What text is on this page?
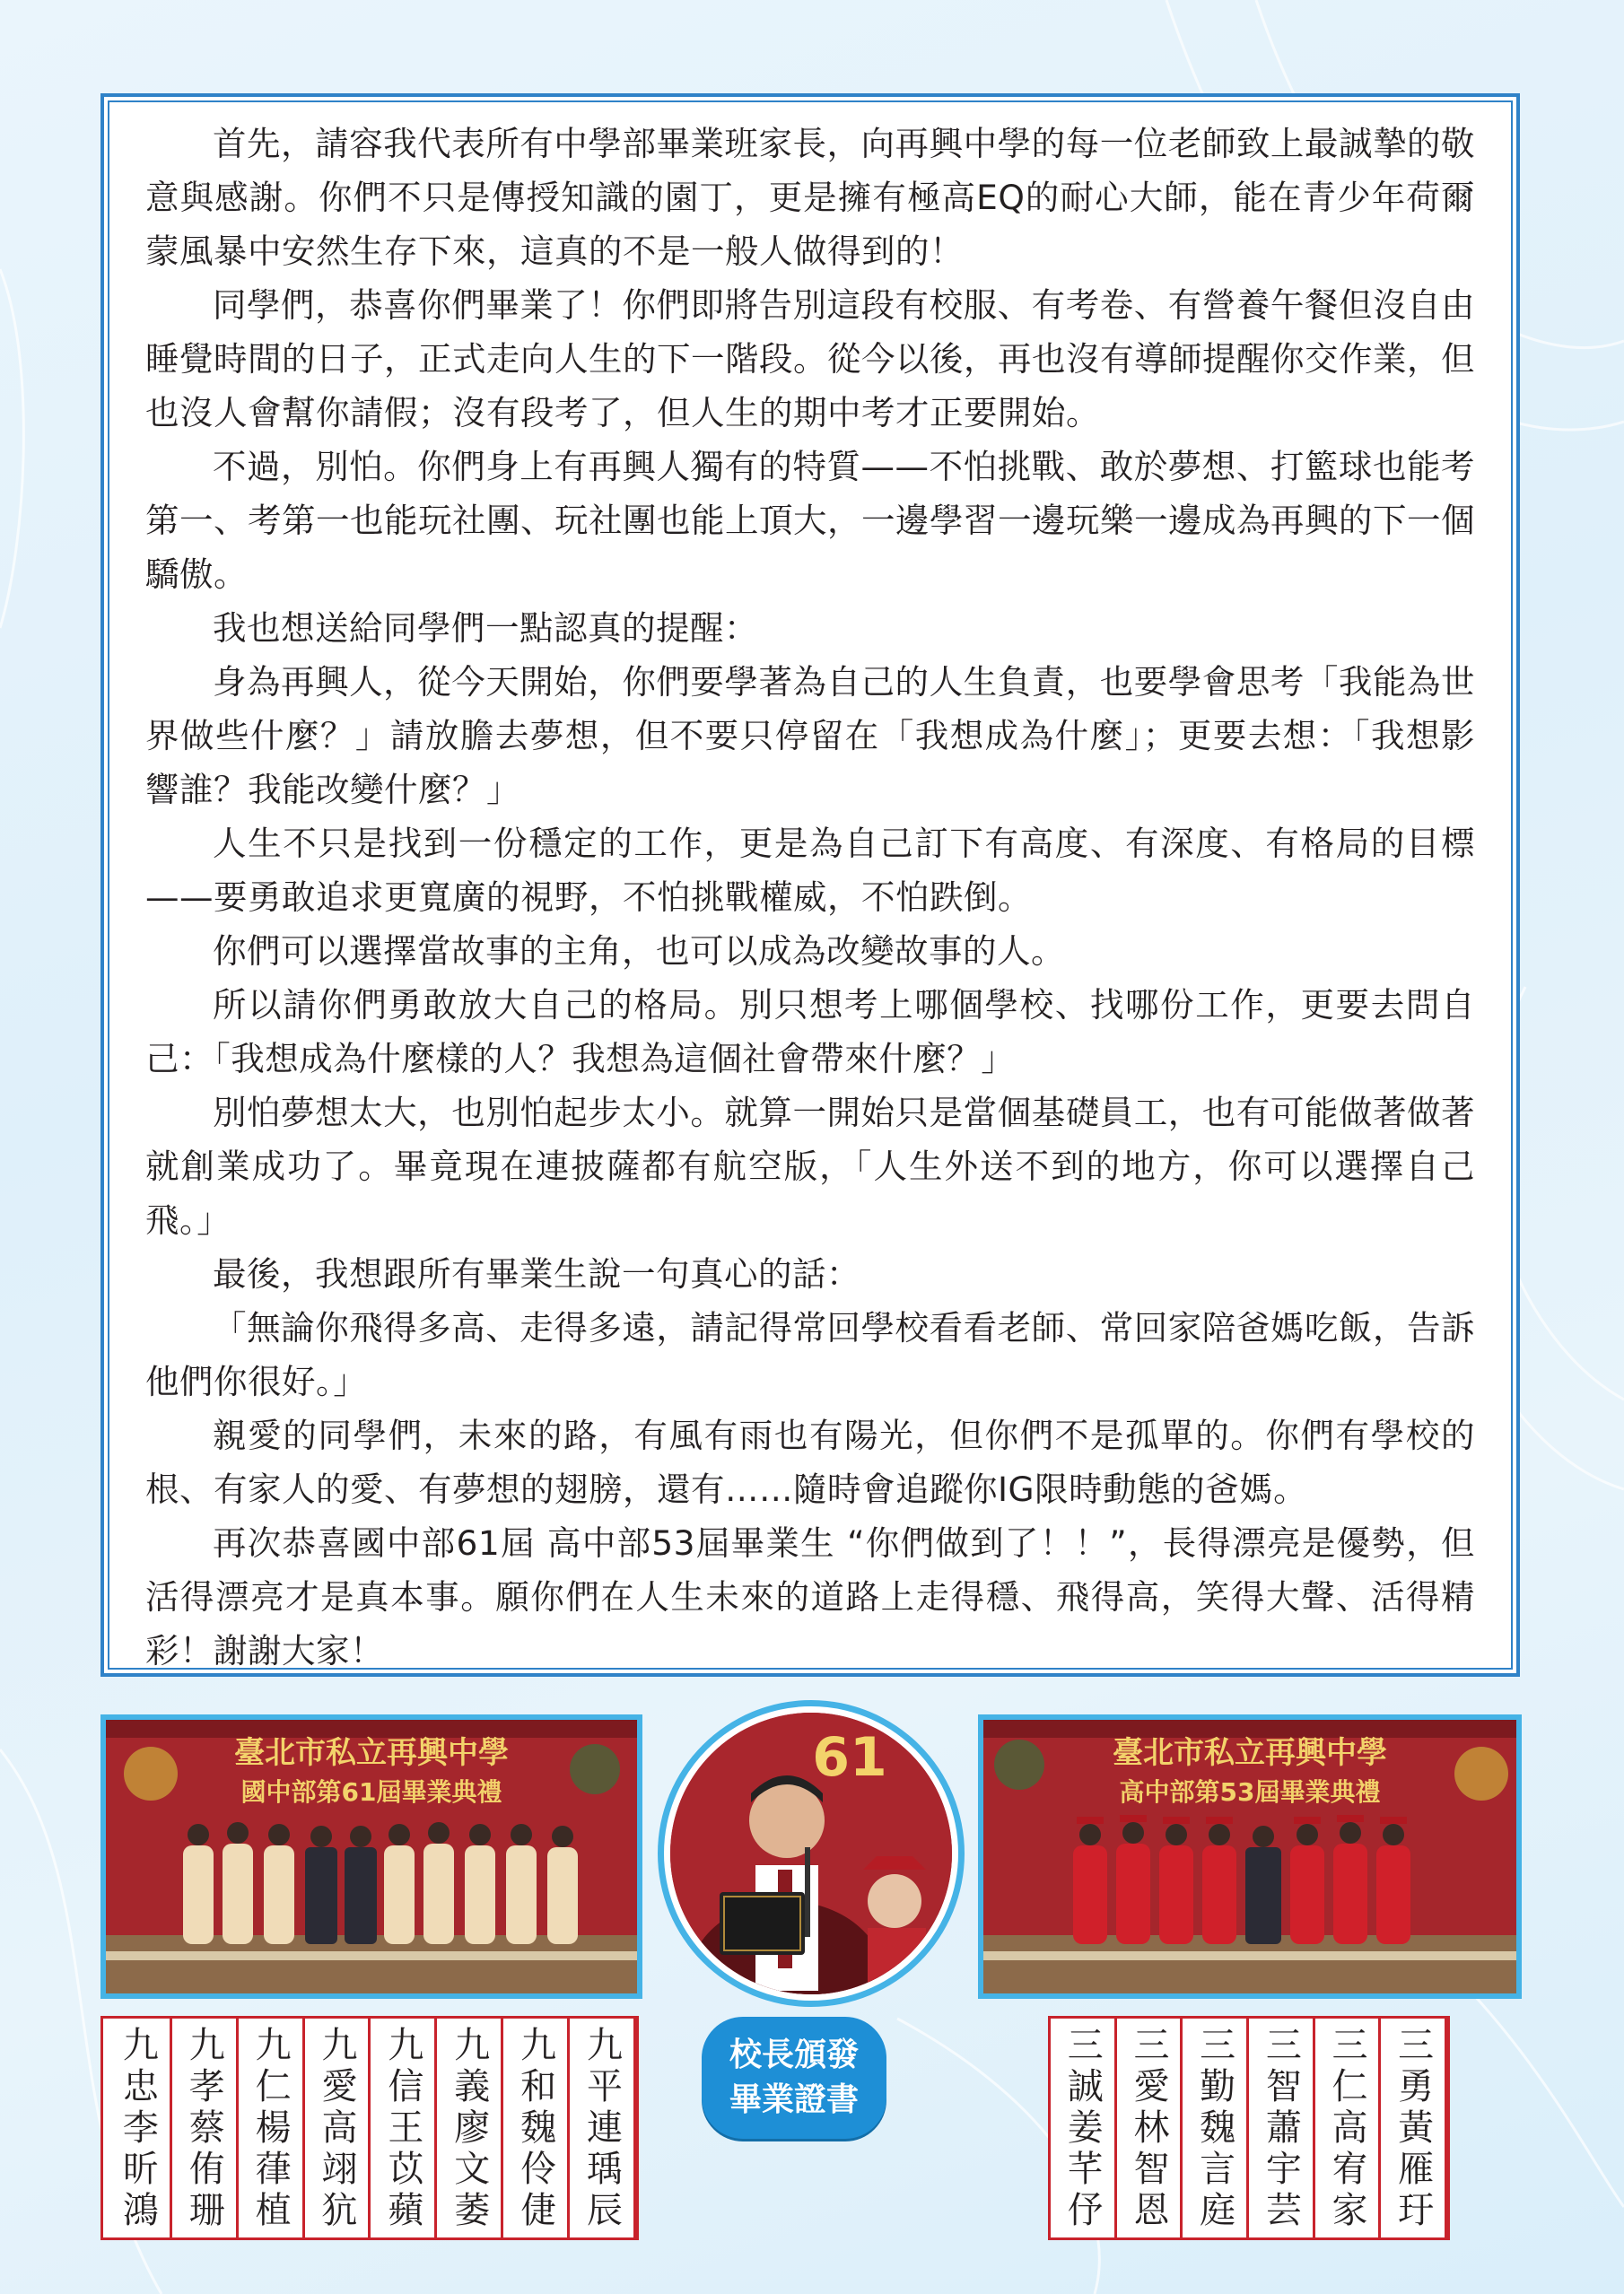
首先，請容我代表所有中學部畢業班家長，向再興中學的每一位老師致上最誠摯的敬意與感謝。你們不只是傳授知識的園丁，更是擁有極高EQ的耐心大師，能在青少年荷爾蒙風暴中安然生存下來，這真的不是一般人做得到的！

同學們，恭喜你們畢業了！你們即將告別這段有校服、有考卷、有營養午餐但沒自由睡覺時間的日子，正式走向人生的下一階段。從今以後，再也沒有導師提醒你交作業，但也沒人會幫你請假；沒有段考了，但人生的期中考才正要開始。

不過，別怕。你們身上有再興人獨有的特質——不怕挑戰、敢於夢想、打籃球也能考第一、考第一也能玩社團、玩社團也能上頂大，一邊學習一邊玩樂一邊成為再興的下一個驕傲。

我也想送給同學們一點認真的提醒：

身為再興人，從今天開始，你們要學著為自己的人生負責，也要學會思考「我能為世界做些什麼？」請放膽去夢想，但不要只停留在「我想成為什麼」；更要去想：「我想影響誰？我能改變什麼？」

人生不只是找到一份穩定的工作，更是為自己訂下有高度、有深度、有格局的目標——要勇敢追求更寬廣的視野，不怕挑戰權威，不怕跌倒。

你們可以選擇當故事的主角，也可以成為改變故事的人。

所以請你們勇敢放大自己的格局。別只想考上哪個學校、找哪份工作，更要去問自己：「我想成為什麼樣的人？我想為這個社會帶來什麼？」

別怕夢想太大，也別怕起步太小。就算一開始只是當個基礎員工，也有可能做著做著就創業成功了。畢竟現在連披薩都有航空版，「人生外送不到的地方，你可以選擇自己飛。」

最後，我想跟所有畢業生說一句真心的話：

「無論你飛得多高、走得多遠，請記得常回學校看看老師、常回家陪爸媽吃飯，告訴他們你很好。」

親愛的同學們，未來的路，有風有雨也有陽光，但你們不是孤單的。你們有學校的根、有家人的愛、有夢想的翅膀，還有……隨時會追蹤你IG限時動態的爸媽。

再次恭喜國中部61屆 高中部53屆畢業生 “你們做到了！！”，長得漂亮是優勢，但活得漂亮才是真本事。願你們在人生未來的道路上走得穩、飛得高，笑得大聲、活得精彩！謝謝大家！

臺北市私立再興中學
國中部第61屆畢業典禮
61	臺北市私立再興中學
高中部第53屆畢業典禮
校長頒發
畢業證書
九平連瑀辰
九和魏伶倢
九義廖文萎
九信王苡蘋
九愛高翊犺
九仁楊葎植
九孝蔡侑珊
九忠李昕鴻	三勇黃雁玗
三仁高宥家
三智蕭宇芸
三勤魏言庭
三愛林智恩
三誠姜芊伃
